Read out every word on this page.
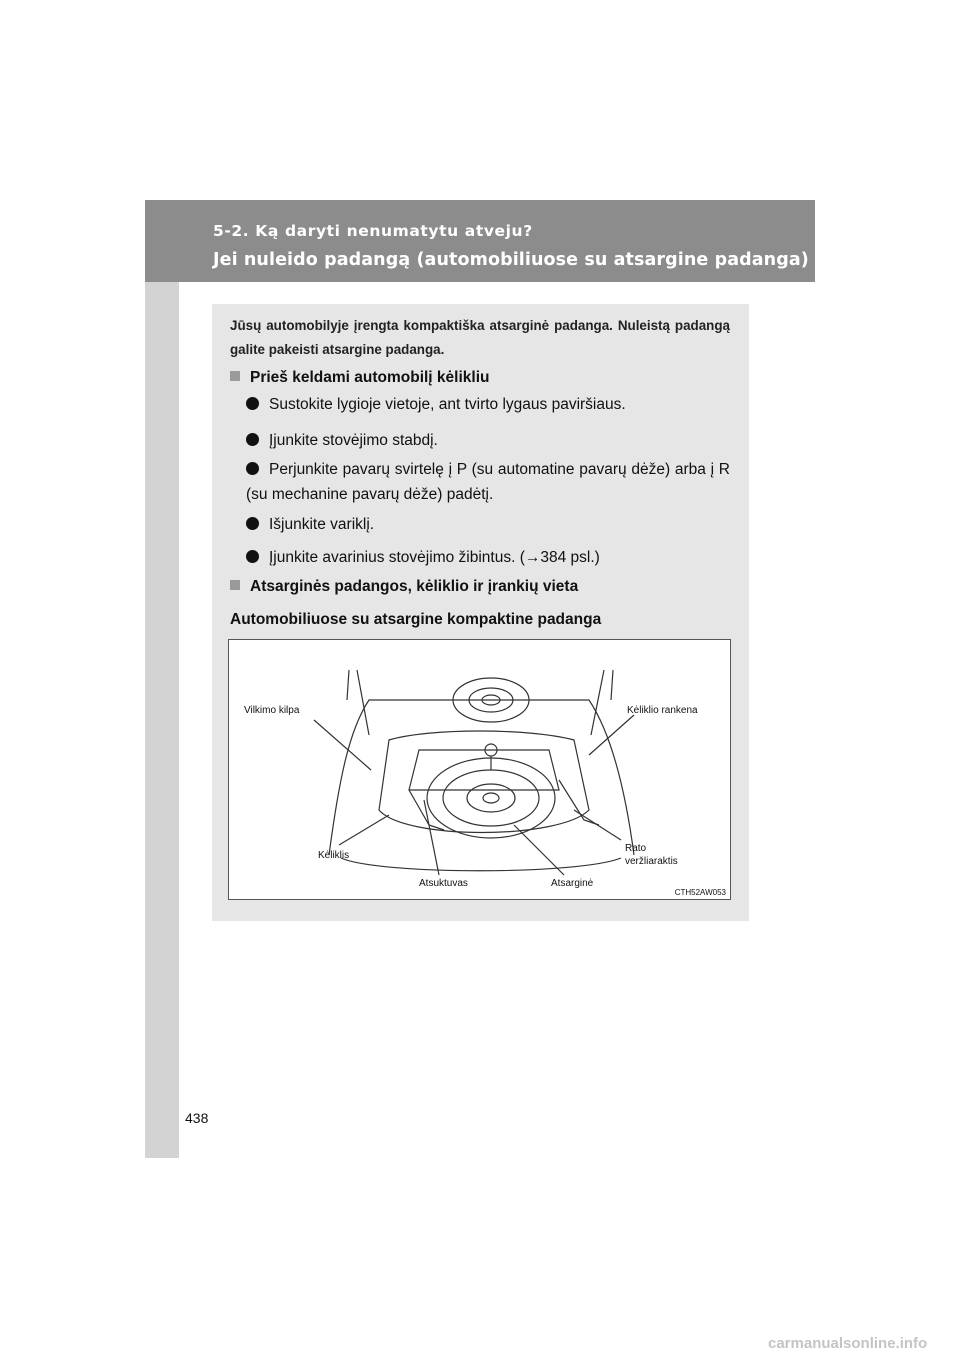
5-2. Ką daryti nenumatytu atveju?
Jei nuleido padangą (automobiliuose su atsargine padanga)
Jūsų automobilyje įrengta kompaktiška atsarginė padanga. Nuleistą padangą galite pakeisti atsargine padanga.
Prieš keldami automobilį kėlikliu
Sustokite lygioje vietoje, ant tvirto lygaus paviršiaus.
Įjunkite stovėjimo stabdį.
Perjunkite pavarų svirtelę į P (su automatine pavarų dėže) arba į R (su mechanine pavarų dėže) padėtį.
Išjunkite variklį.
Įjunkite avarinius stovėjimo žibintus. (→384 psl.)
Atsarginės padangos, kėliklio ir įrankių vieta
Automobiliuose su atsargine kompaktine padanga
Vilkimo kilpa	Kėliklio rankena
Kėliklis
Rato
veržliaraktis
Atsuktuvas	Atsarginė
CTH52AW053
438
carmanualsonline.info
